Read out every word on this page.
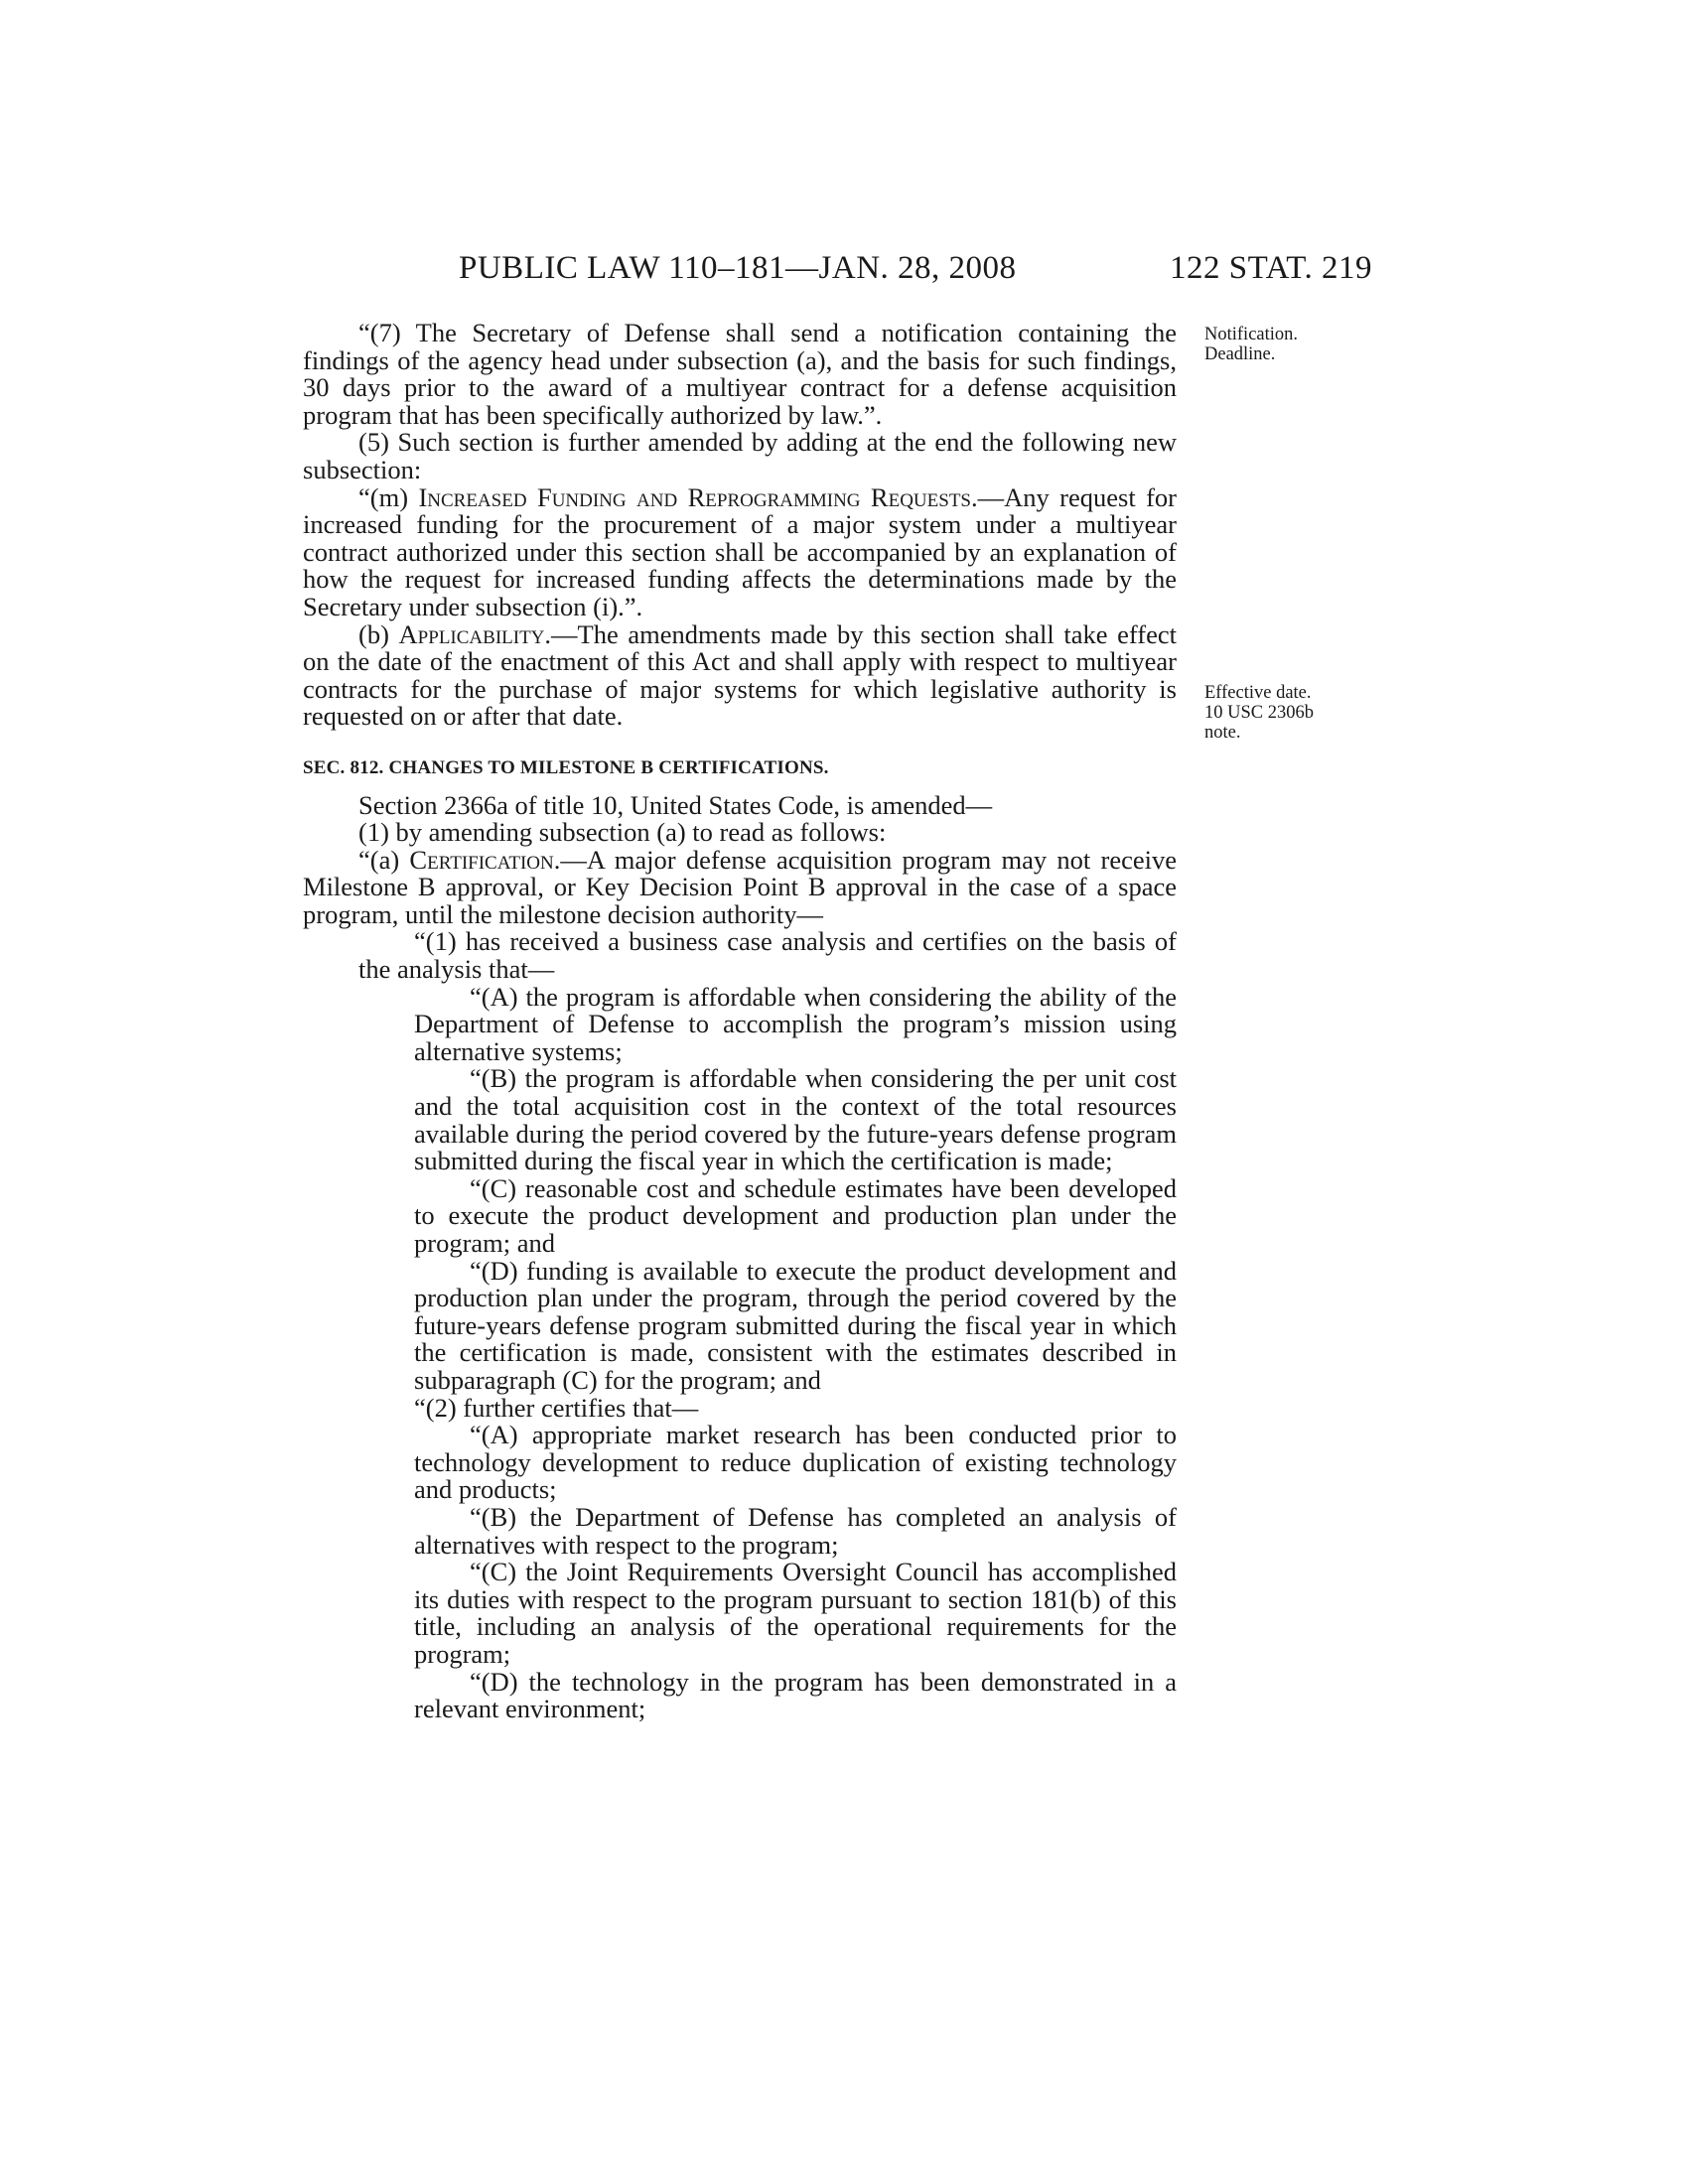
PUBLIC LAW 110–181—JAN. 28, 2008	122 STAT. 219
Notification.
Deadline.
Effective date.
10 USC 2306b
note.

“(7) The Secretary of Defense shall send a notification containing the findings of the agency head under subsection (a), and the basis for such findings, 30 days prior to the award of a multiyear contract for a defense acquisition program that has been specifically authorized by law.”.

(5) Such section is further amended by adding at the end the following new subsection:

“(m) Increased Funding and Reprogramming Requests.—Any request for increased funding for the procurement of a major system under a multiyear contract authorized under this section shall be accompanied by an explanation of how the request for increased funding affects the determinations made by the Secretary under subsection (i).”.

(b) Applicability.—The amendments made by this section shall take effect on the date of the enactment of this Act and shall apply with respect to multiyear contracts for the purchase of major systems for which legislative authority is requested on or after that date.

SEC. 812. CHANGES TO MILESTONE B CERTIFICATIONS.

Section 2366a of title 10, United States Code, is amended—

(1) by amending subsection (a) to read as follows:

“(a) Certification.—A major defense acquisition program may not receive Milestone B approval, or Key Decision Point B approval in the case of a space program, until the milestone decision authority—

“(1) has received a business case analysis and certifies on the basis of the analysis that—

“(A) the program is affordable when considering the ability of the Department of Defense to accomplish the program’s mission using alternative systems;

“(B) the program is affordable when considering the per unit cost and the total acquisition cost in the context of the total resources available during the period covered by the future-years defense program submitted during the fiscal year in which the certification is made;

“(C) reasonable cost and schedule estimates have been developed to execute the product development and production plan under the program; and

“(D) funding is available to execute the product development and production plan under the program, through the period covered by the future-years defense program submitted during the fiscal year in which the certification is made, consistent with the estimates described in subparagraph (C) for the program; and

“(2) further certifies that—

“(A) appropriate market research has been conducted prior to technology development to reduce duplication of existing technology and products;

“(B) the Department of Defense has completed an analysis of alternatives with respect to the program;

“(C) the Joint Requirements Oversight Council has accomplished its duties with respect to the program pursuant to section 181(b) of this title, including an analysis of the operational requirements for the program;

“(D) the technology in the program has been demonstrated in a relevant environment;
